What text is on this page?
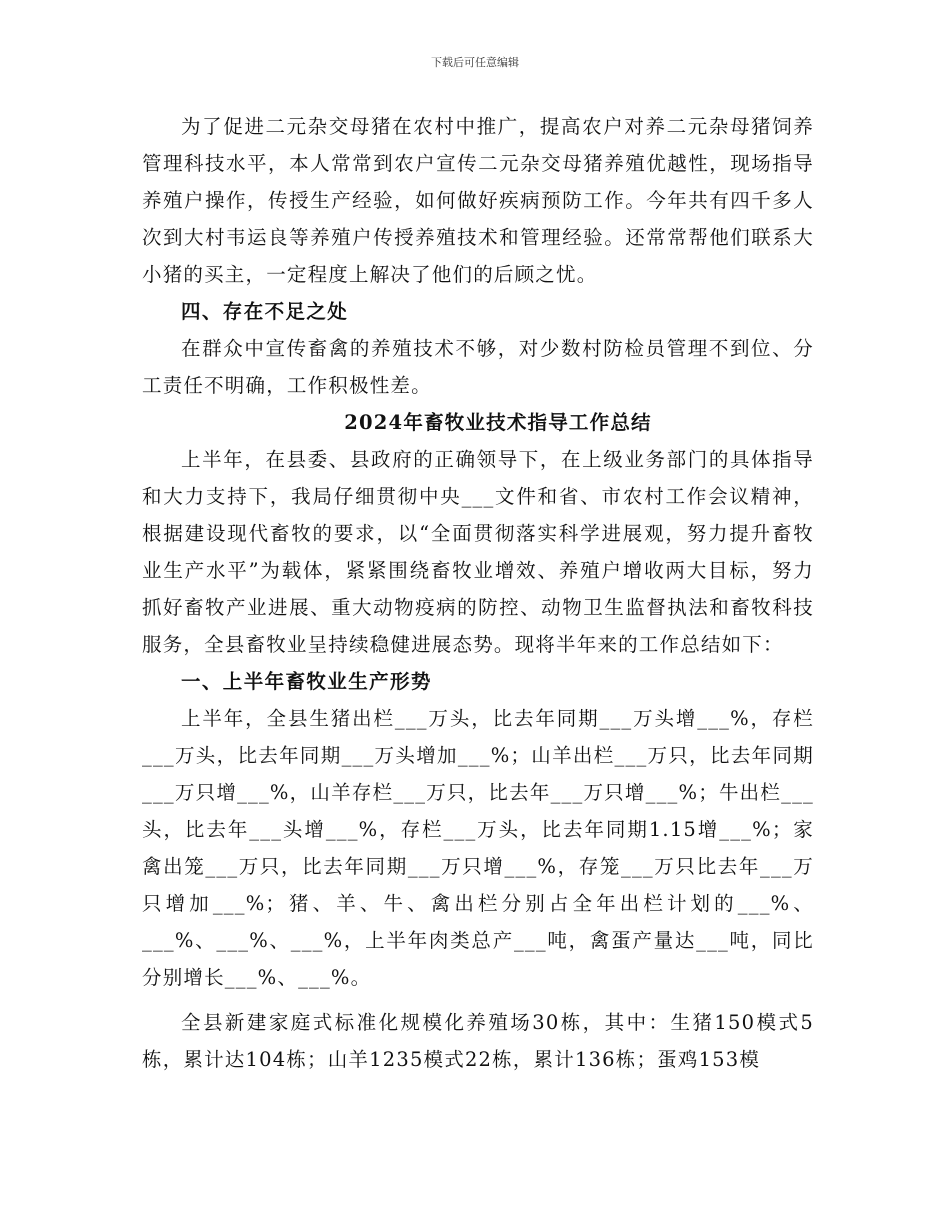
下载后可任意编辑

为了促进二元杂交母猪在农村中推广，提高农户对养二元杂母猪饲养管理科技水平，本人常常到农户宣传二元杂交母猪养殖优越性，现场指导养殖户操作，传授生产经验，如何做好疾病预防工作。今年共有四千多人次到大村韦运良等养殖户传授养殖技术和管理经验。还常常帮他们联系大小猪的买主，一定程度上解决了他们的后顾之忧。

四、存在不足之处

在群众中宣传畜禽的养殖技术不够，对少数村防检员管理不到位、分工责任不明确，工作积极性差。

2024年畜牧业技术指导工作总结

上半年，在县委、县政府的正确领导下，在上级业务部门的具体指导和大力支持下，我局仔细贯彻中央___文件和省、市农村工作会议精神，根据建设现代畜牧的要求，以“全面贯彻落实科学进展观，努力提升畜牧业生产水平”为载体，紧紧围绕畜牧业增效、养殖户增收两大目标，努力抓好畜牧产业进展、重大动物疫病的防控、动物卫生监督执法和畜牧科技服务，全县畜牧业呈持续稳健进展态势。现将半年来的工作总结如下：

一、上半年畜牧业生产形势

上半年，全县生猪出栏___万头，比去年同期___万头增___%，存栏___万头，比去年同期___万头增加___%；山羊出栏___万只，比去年同期___万只增___%，山羊存栏___万只，比去年___万只增___%；牛出栏___头，比去年___头增___%，存栏___万头，比去年同期1.15增___%；家禽出笼___万只，比去年同期___万只增___%，存笼___万只比去年___万只增加___%；猪、羊、牛、禽出栏分别占全年出栏计划的___%、___%、___%、___%，上半年肉类总产___吨，禽蛋产量达___吨，同比分别增长___%、___%。

全县新建家庭式标准化规模化养殖场30栋，其中：生猪150模式5栋，累计达104栋；山羊1235模式22栋，累计136栋；蛋鸡153模
